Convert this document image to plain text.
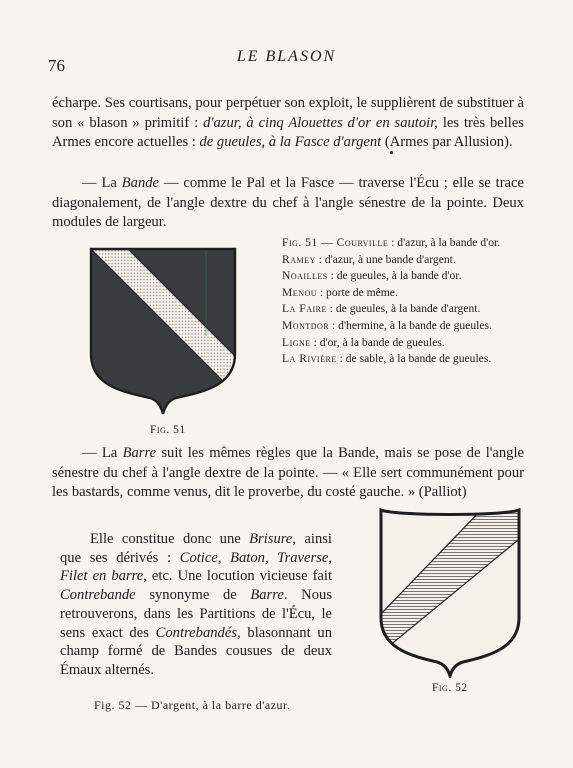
76	LE BLASON

écharpe. Ses courtisans, pour perpétuer son exploit, le supplièrent de substituer à son « blason » primitif : d'azur, à cinq Alouettes d'or en sautoir, les très belles Armes encore actuelles : de gueules, à la Fasce d'argent (Armes par Allusion).

— La Bande — comme le Pal et la Fasce — traverse l'Écu ; elle se trace diagonalement, de l'angle dextre du chef à l'angle sénestre de la pointe. Deux modules de largeur.

Fig. 51

Fig. 51 — Courville : d'azur, à la bande d'or.

Ramey : d'azur, à une bande d'argent.

Noailles : de gueules, à la bande d'or.

Menou : porte de même.

La Faire : de gueules, à la bande d'argent.

Montdor : d'hermine, à la bande de gueules.

Ligne : d'or, à la bande de gueules.

La Rivière : de sable, à la bande de gueules.

— La Barre suit les mêmes règles que la Bande, mais se pose de l'angle sénestre du chef à l'angle dextre de la pointe. — « Elle sert communément pour les bastards, comme venus, dit le proverbe, du costé gauche. » (Palliot)

Elle constitue donc une Brisure, ainsi que ses dérivés : Cotice, Baton, Traverse, Filet en barre, etc. Une locution vicieuse fait Contrebande synonyme de Barre. Nous retrouverons, dans les Partitions de l'Écu, le sens exact des Contrebandés, blasonnant un champ formé de Bandes cousues de deux Émaux alternés.

Fig. 52
Fig. 52 — D'argent, à la barre d'azur.
